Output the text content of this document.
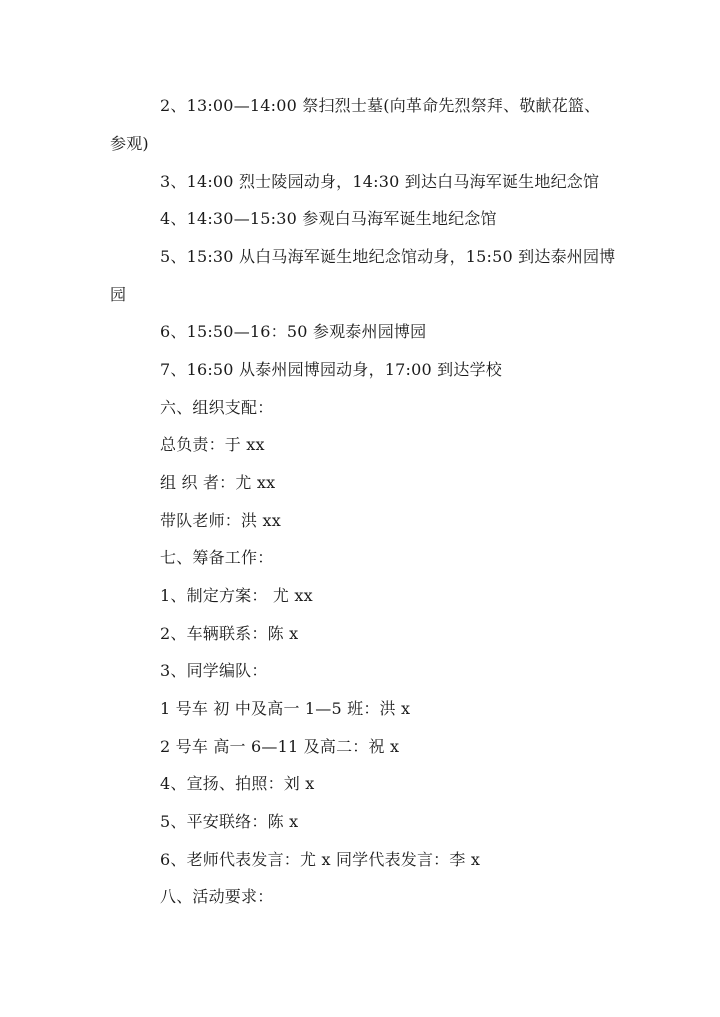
2、13:00—14:00 祭扫烈士墓(向革命先烈祭拜、敬献花篮、
参观)
3、14:00 烈士陵园动身，14:30 到达白马海军诞生地纪念馆
4、14:30—15:30 参观白马海军诞生地纪念馆
5、15:30 从白马海军诞生地纪念馆动身，15:50 到达泰州园博
园
6、15:50—16：50 参观泰州园博园
7、16:50 从泰州园博园动身，17:00 到达学校
六、组织支配：
总负责：于 xx
组 织 者：尤 xx
带队老师：洪 xx
七、筹备工作：
1、制定方案： 尤 xx
2、车辆联系：陈 x
3、同学编队：
1 号车 初 中及高一 1—5 班：洪 x
2 号车 高一 6—11 及高二：祝 x
4、宣扬、拍照：刘 x
5、平安联络：陈 x
6、老师代表发言：尤 x 同学代表发言：李 x
八、活动要求：
